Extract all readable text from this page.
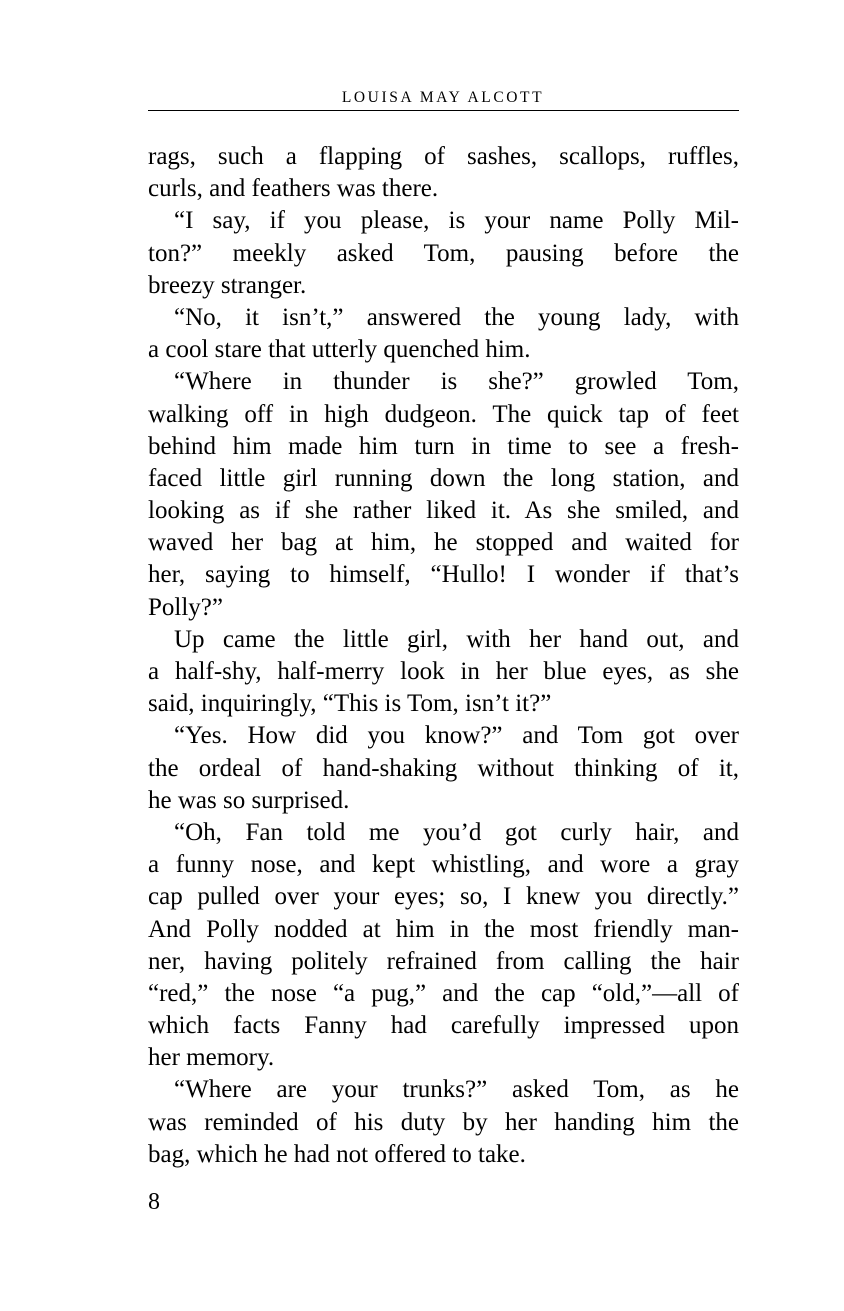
LOUISA MAY ALCOTT
rags, such a flapping of sashes, scallops, ruffles,
curls, and feathers was there.
“I say, if you please, is your name Polly Mil-
ton?” meekly asked Tom, pausing before the
breezy stranger.
“No, it isn’t,” answered the young lady, with
a cool stare that utterly quenched him.
“Where in thunder is she?” growled Tom,
walking off in high dudgeon. The quick tap of feet
behind him made him turn in time to see a fresh-
faced little girl running down the long station, and
looking as if she rather liked it. As she smiled, and
waved her bag at him, he stopped and waited for
her, saying to himself, “Hullo! I wonder if that’s
Polly?”
Up came the little girl, with her hand out, and
a half-shy, half-merry look in her blue eyes, as she
said, inquiringly, “This is Tom, isn’t it?”
“Yes. How did you know?” and Tom got over
the ordeal of hand-shaking without thinking of it,
he was so surprised.
“Oh, Fan told me you’d got curly hair, and
a funny nose, and kept whistling, and wore a gray
cap pulled over your eyes; so, I knew you directly.”
And Polly nodded at him in the most friendly man-
ner, having politely refrained from calling the hair
“red,” the nose “a pug,” and the cap “old,”—all of
which facts Fanny had carefully impressed upon
her memory.
“Where are your trunks?” asked Tom, as he
was reminded of his duty by her handing him the
bag, which he had not offered to take.
8
